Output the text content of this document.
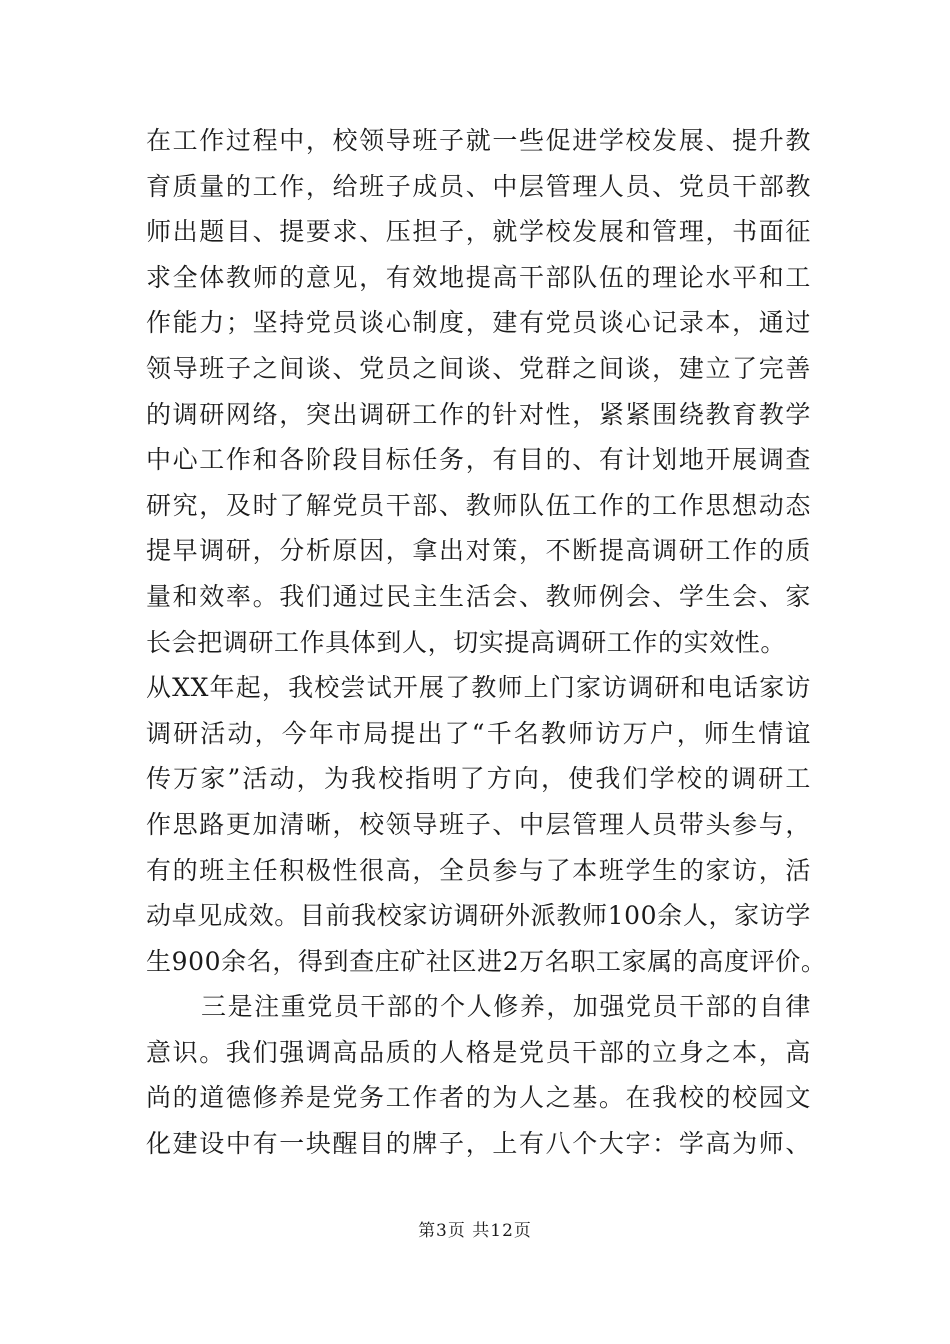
在工作过程中，校领导班子就一些促进学校发展、提升教
育质量的工作，给班子成员、中层管理人员、党员干部教
师出题目、提要求、压担子，就学校发展和管理，书面征
求全体教师的意见，有效地提高干部队伍的理论水平和工
作能力；坚持党员谈心制度，建有党员谈心记录本，通过
领导班子之间谈、党员之间谈、党群之间谈，建立了完善
的调研网络，突出调研工作的针对性，紧紧围绕教育教学
中心工作和各阶段目标任务，有目的、有计划地开展调查
研究，及时了解党员干部、教师队伍工作的工作思想动态
提早调研，分析原因，拿出对策，不断提高调研工作的质
量和效率。我们通过民主生活会、教师例会、学生会、家
长会把调研工作具体到人，切实提高调研工作的实效性。
从XX年起，我校尝试开展了教师上门家访调研和电话家访
调研活动，今年市局提出了“千名教师访万户，师生情谊
传万家”活动，为我校指明了方向，使我们学校的调研工
作思路更加清晰，校领导班子、中层管理人员带头参与，
有的班主任积极性很高，全员参与了本班学生的家访，活
动卓见成效。目前我校家访调研外派教师100余人，家访学
生900余名，得到查庄矿社区进2万名职工家属的高度评价。
三是注重党员干部的个人修养，加强党员干部的自律
意识。我们强调高品质的人格是党员干部的立身之本，高
尚的道德修养是党务工作者的为人之基。在我校的校园文
化建设中有一块醒目的牌子，上有八个大字：学高为师、
第3页 共12页
